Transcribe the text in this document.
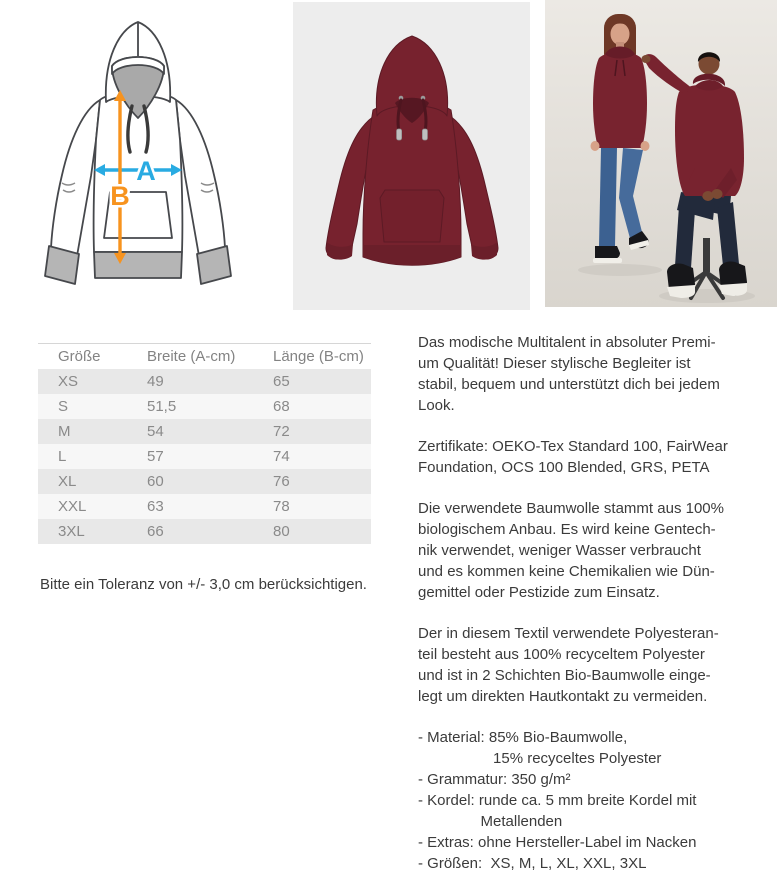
A
B
Größe	Breite (A-cm)	Länge (B-cm)
XS	49	65
S	51,5	68
M	54	72
L	57	74
XL	60	76
XXL	63	78
3XL	66	80

Bitte ein Toleranz von +/- 3,0 cm berücksichtigen.

Das modische Multitalent in absoluter Premi-
um Qualität! Dieser stylische Begleiter ist
stabil, bequem und unterstützt dich bei jedem
Look.
Zertifikate: OEKO-Tex Standard 100, FairWear
Foundation, OCS 100 Blended, GRS, PETA
Die verwendete Baumwolle stammt aus 100%
biologischem Anbau. Es wird keine Gentech-
nik verwendet, weniger Wasser verbraucht
und es kommen keine Chemikalien wie Dün-
gemittel oder Pestizide zum Einsatz.
Der in diesem Textil verwendete Polyesteran-
teil besteht aus 100% recyceltem Polyester
und ist in 2 Schichten Bio-Baumwolle einge-
legt um direkten Hautkontakt zu vermeiden.
- Material: 85% Bio-Baumwolle,
15% recyceltes Polyester
- Grammatur: 350 g/m²
- Kordel: runde ca. 5 mm breite Kordel mit
Metallenden
- Extras: ohne Hersteller-Label im Nacken
- Größen:  XS, M, L, XL, XXL, 3XL
